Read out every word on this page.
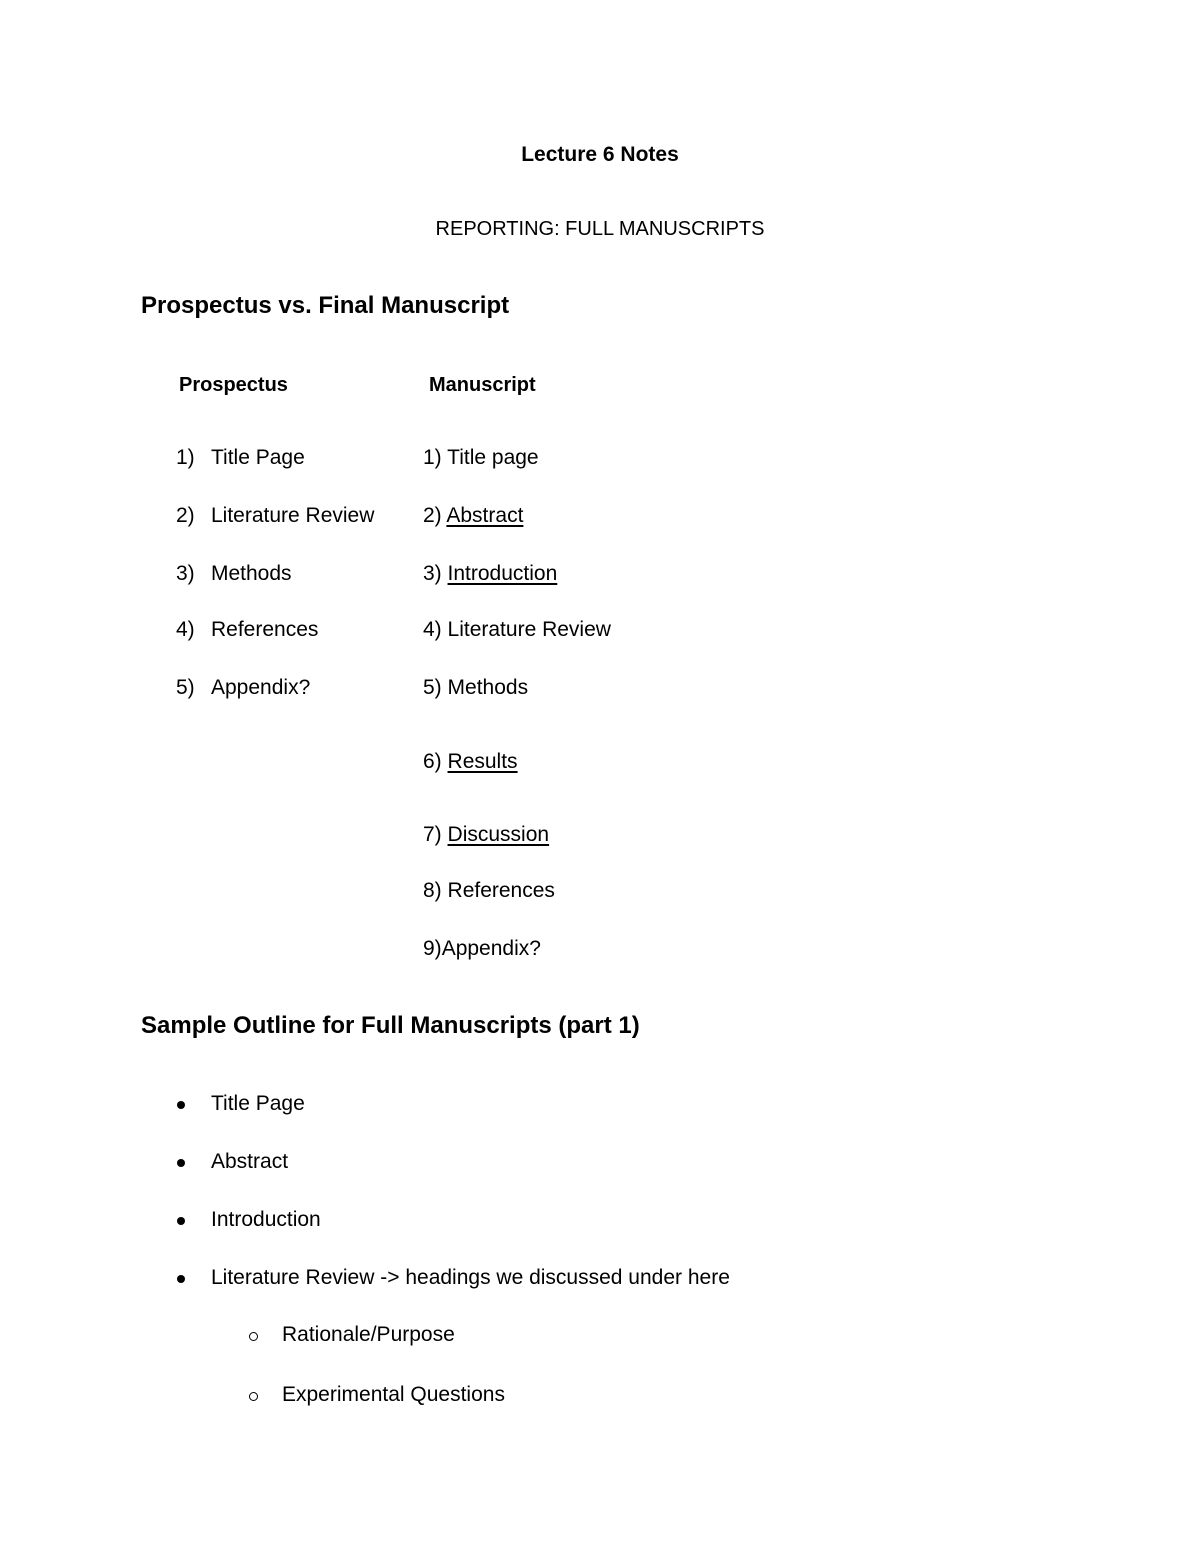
Lecture 6 Notes
REPORTING: FULL MANUSCRIPTS
Prospectus vs. Final Manuscript
Prospectus	Manuscript
1) Title Page
2) Literature Review
3) Methods
4) References
5) Appendix?
1) Title page
2) Abstract
3) Introduction
4) Literature Review
5) Methods
6) Results
7) Discussion
8) References
9)Appendix?
Sample Outline for Full Manuscripts (part 1)
Title Page
Abstract
Introduction
Literature Review -> headings we discussed under here
Rationale/Purpose
Experimental Questions
